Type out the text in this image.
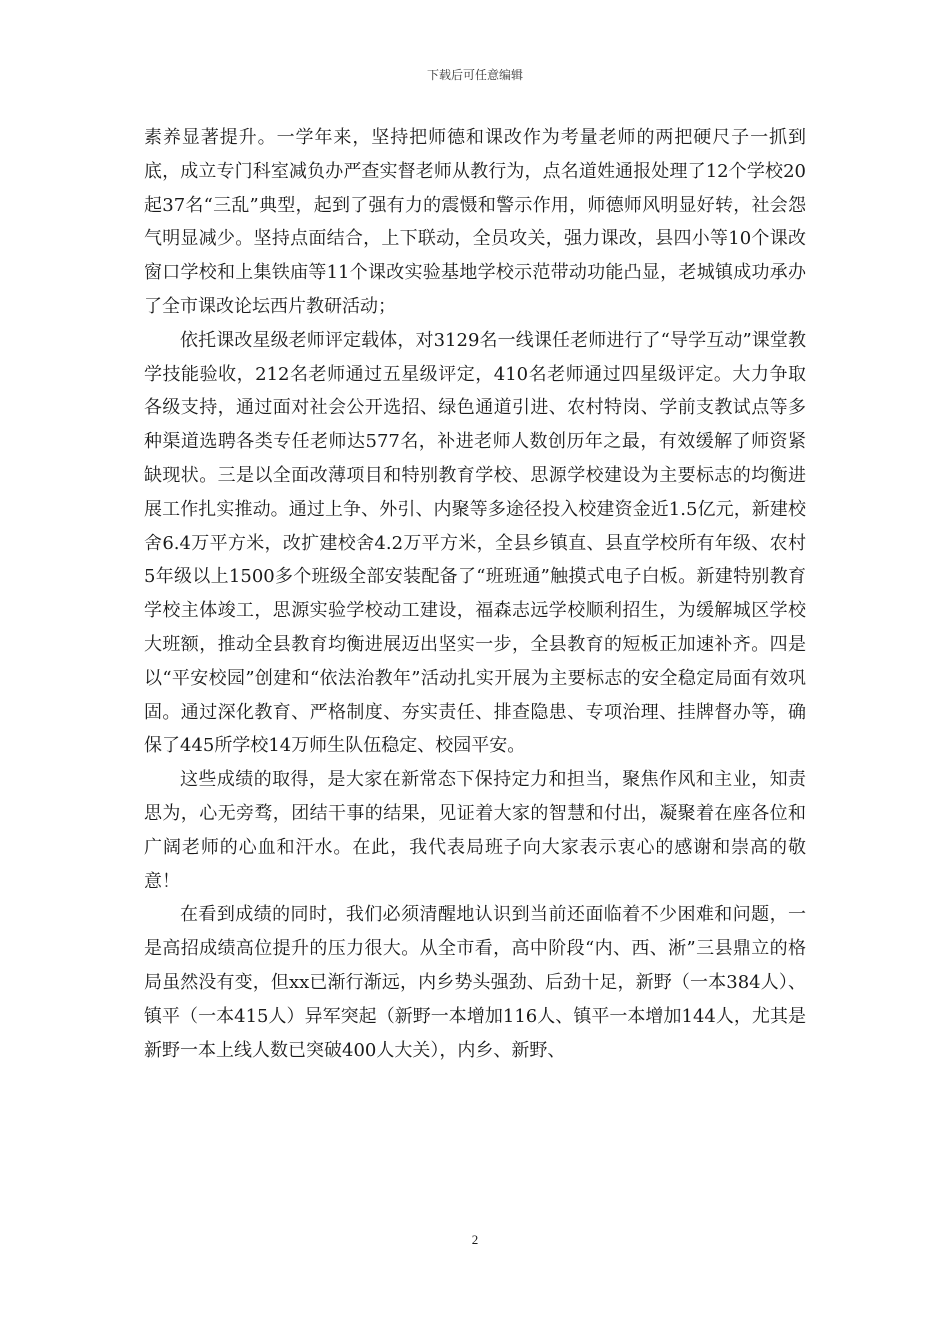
下载后可任意编辑

素养显著提升。一学年来，坚持把师德和课改作为考量老师的两把硬尺子一抓到底，成立专门科室减负办严查实督老师从教行为，点名道姓通报处理了12个学校20起37名“三乱”典型，起到了强有力的震慑和警示作用，师德师风明显好转，社会怨气明显减少。坚持点面结合，上下联动，全员攻关，强力课改，县四小等10个课改窗口学校和上集铁庙等11个课改实验基地学校示范带动功能凸显，老城镇成功承办了全市课改论坛西片教研活动；

依托课改星级老师评定载体，对3129名一线课任老师进行了“导学互动”课堂教学技能验收，212名老师通过五星级评定，410名老师通过四星级评定。大力争取各级支持，通过面对社会公开选招、绿色通道引进、农村特岗、学前支教试点等多种渠道选聘各类专任老师达577名，补进老师人数创历年之最，有效缓解了师资紧缺现状。三是以全面改薄项目和特别教育学校、思源学校建设为主要标志的均衡进展工作扎实推动。通过上争、外引、内聚等多途径投入校建资金近1.5亿元，新建校舍6.4万平方米，改扩建校舍4.2万平方米，全县乡镇直、县直学校所有年级、农村5年级以上1500多个班级全部安装配备了“班班通”触摸式电子白板。新建特别教育学校主体竣工，思源实验学校动工建设，福森志远学校顺利招生，为缓解城区学校大班额，推动全县教育均衡进展迈出坚实一步，全县教育的短板正加速补齐。四是以“平安校园”创建和“依法治教年”活动扎实开展为主要标志的安全稳定局面有效巩固。通过深化教育、严格制度、夯实责任、排查隐患、专项治理、挂牌督办等，确保了445所学校14万师生队伍稳定、校园平安。

这些成绩的取得，是大家在新常态下保持定力和担当，聚焦作风和主业，知责思为，心无旁骛，团结干事的结果，见证着大家的智慧和付出，凝聚着在座各位和广阔老师的心血和汗水。在此，我代表局班子向大家表示衷心的感谢和崇高的敬意！

在看到成绩的同时，我们必须清醒地认识到当前还面临着不少困难和问题，一是高招成绩高位提升的压力很大。从全市看，高中阶段“内、西、淅”三县鼎立的格局虽然没有变，但xx已渐行渐远，内乡势头强劲、后劲十足，新野（一本384人）、镇平（一本415人）异军突起（新野一本增加116人、镇平一本增加144人，尤其是新野一本上线人数已突破400人大关），内乡、新野、

2
